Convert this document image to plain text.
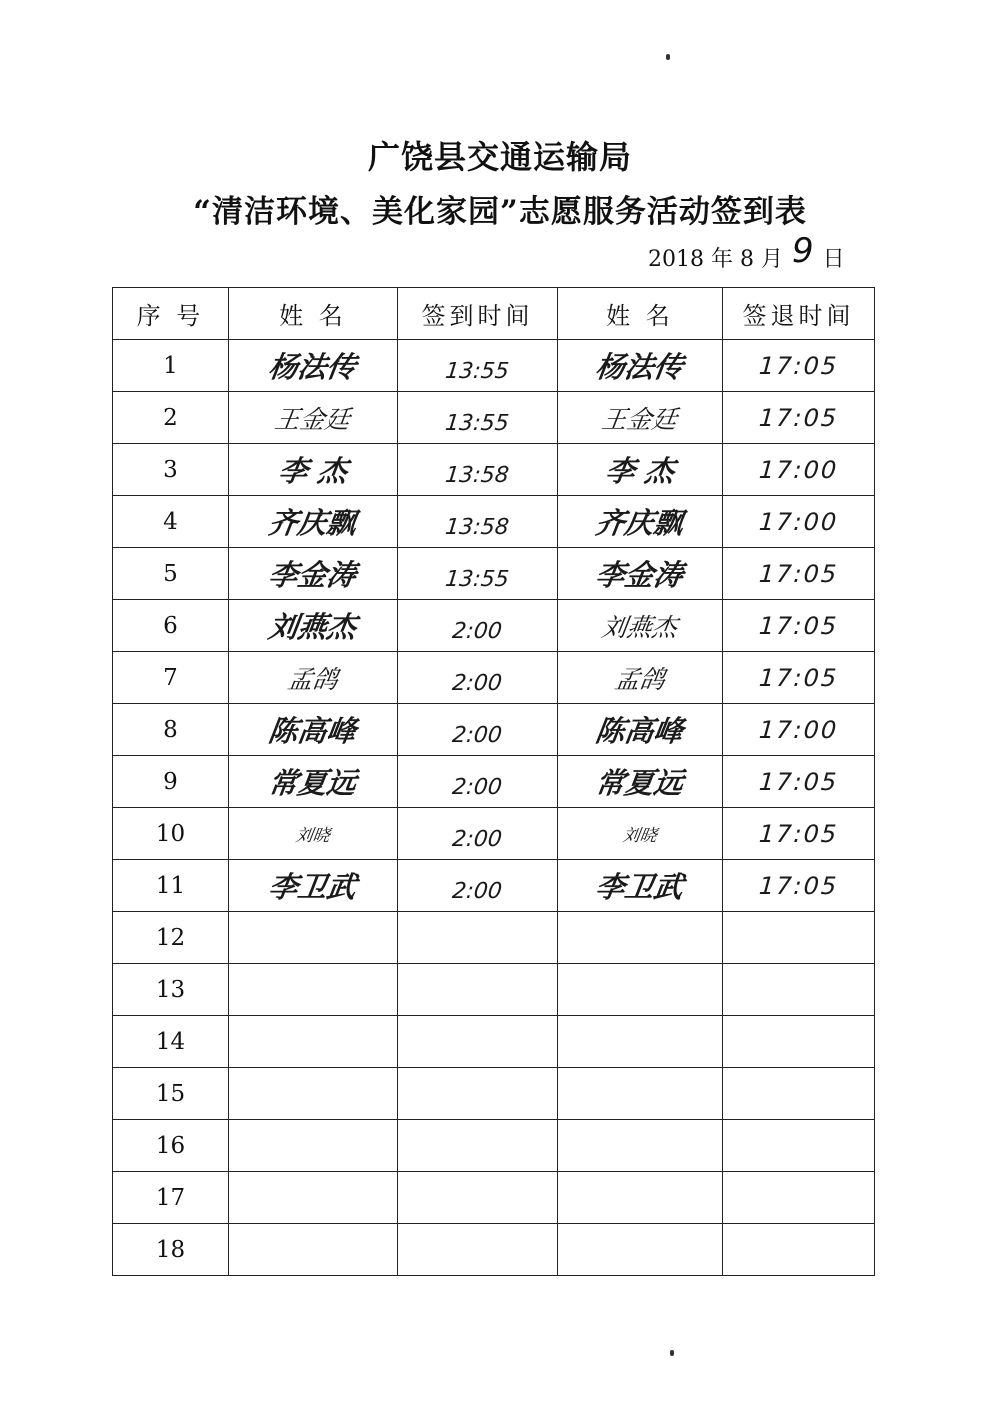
广饶县交通运输局
“清洁环境、美化家园”志愿服务活动签到表
2018 年 8 月 9 日
序 号	姓 名	签到时间	姓 名	签退时间
1	杨法传	13:55	杨法传	17:05
2	王金廷	13:55	王金廷	17:05
3	李 杰	13:58	李 杰	17:00
4	齐庆飘	13:58	齐庆飘	17:00
5	李金涛	13:55	李金涛	17:05
6	刘燕杰	2:00	刘燕杰	17:05
7	孟鸽	2:00	孟鸽	17:05
8	陈高峰	2:00	陈高峰	17:00
9	常夏远	2:00	常夏远	17:05
10	刘晓	2:00	刘晓	17:05
11	李卫武	2:00	李卫武	17:05
12				
13				
14				
15				
16				
17				
18				
